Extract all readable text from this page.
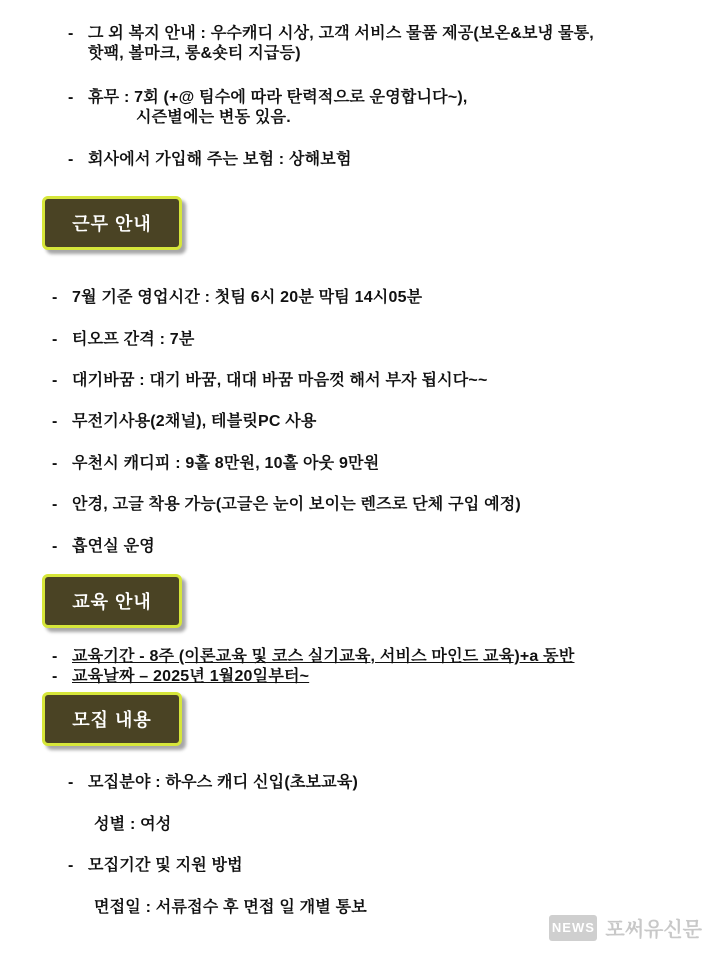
- 그 외 복지 안내 : 우수캐디 시상, 고객 서비스 물품 제공(보온&보냉 물통,
핫팩, 볼마크, 롱&숏티 지급등)
- 휴무 : 7회 (+@ 팀수에 따라 탄력적으로 운영합니다~),
시즌별에는 변동 있음.
- 회사에서 가입해 주는 보험 : 상해보험
근무 안내
- 7월 기준 영업시간 : 첫팀 6시 20분 막팀 14시05분
- 티오프 간격 : 7분
- 대기바꿈 : 대기 바꿈, 대대 바꿈 마음껏 해서 부자 됩시다~~
- 무전기사용(2채널), 테블릿PC 사용
- 우천시 캐디피 : 9홀 8만원, 10홀 아웃 9만원
- 안경, 고글 착용 가능(고글은 눈이 보이는 렌즈로 단체 구입 예정)
- 흡연실 운영
교육 안내
- 교육기간 - 8주 (이론교육 및 코스 실기교육, 서비스 마인드 교육)+a 동반
- 교육날짜 – 2025년 1월20일부터~
모집 내용
- 모집분야 : 하우스 캐디 신입(초보교육)
성별 : 여성
- 모집기간 및 지원 방법
면접일 : 서류접수 후 면접 일 개별 통보
NEWS 포써유신문
